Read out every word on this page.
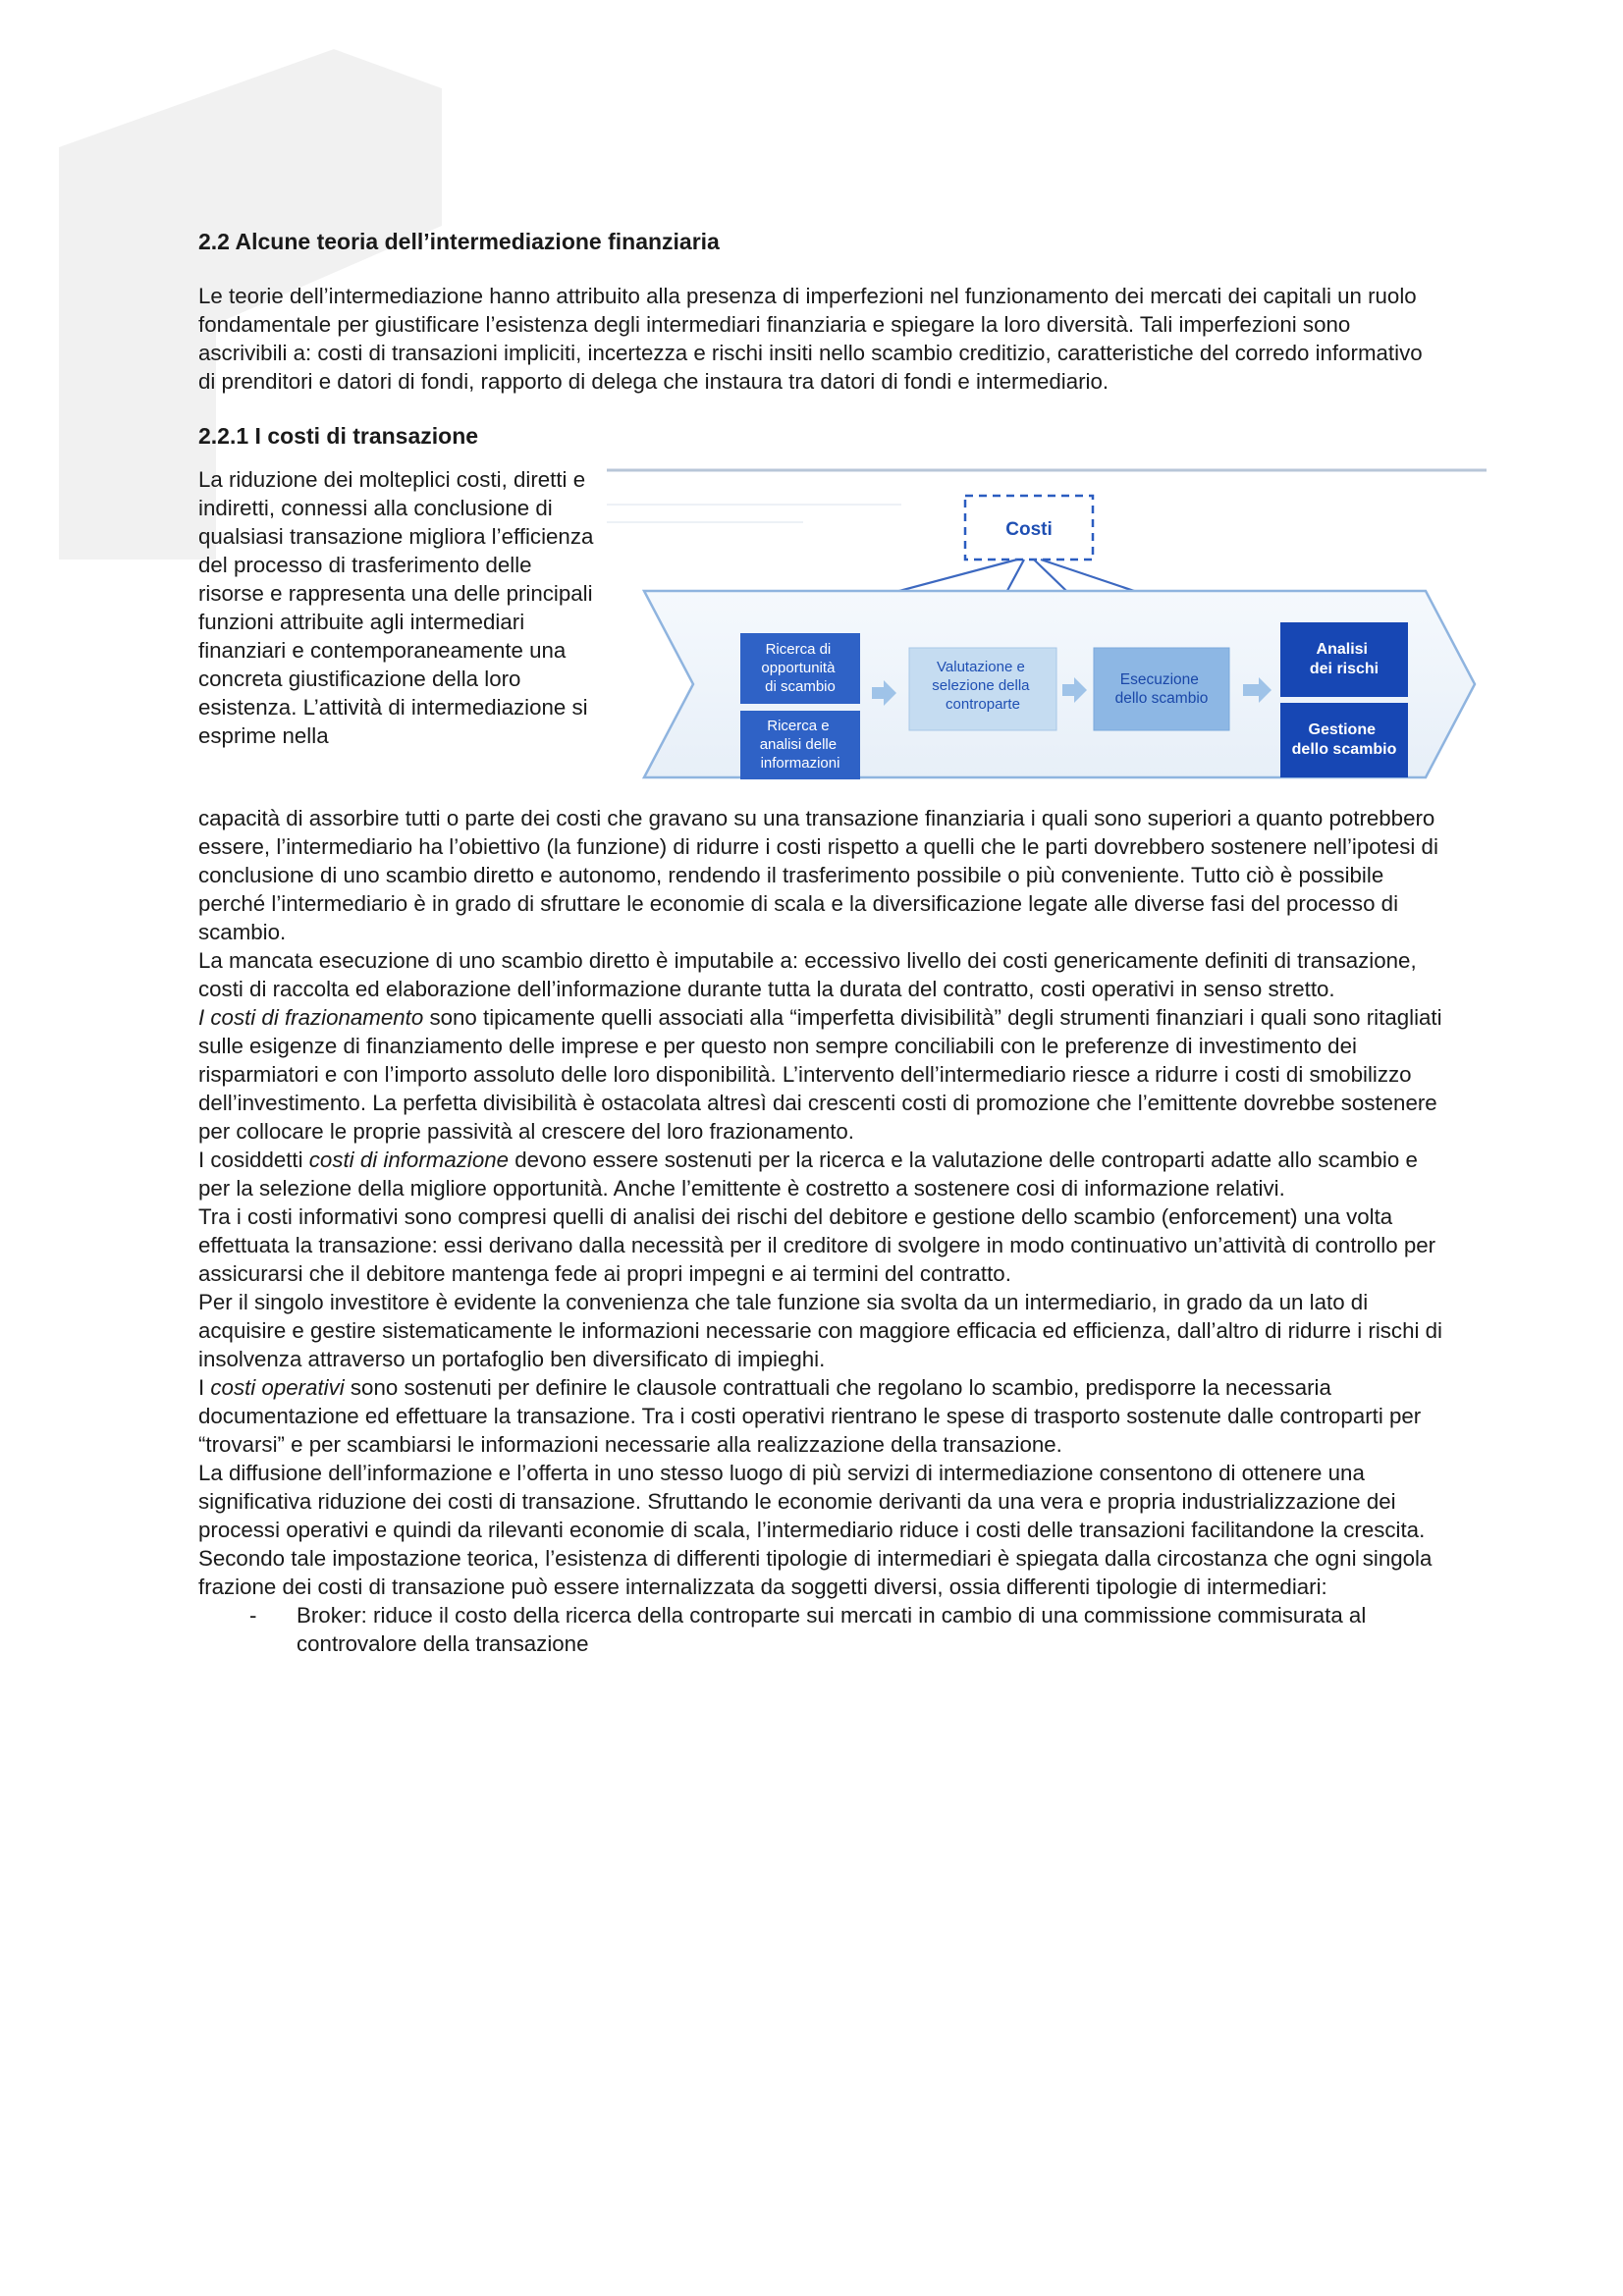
2.2 Alcune teoria dell’intermediazione finanziaria

Le teorie dell’intermediazione hanno attribuito alla presenza di imperfezioni nel funzionamento dei mercati dei capitali un ruolo fondamentale per giustificare l’esistenza degli intermediari finanziaria e spiegare la loro diversità. Tali imperfezioni sono ascrivibili a: costi di transazioni impliciti, incertezza e rischi insiti nello scambio creditizio, caratteristiche del corredo informativo di prenditori e datori di fondi, rapporto di delega che instaura tra datori di fondi e intermediario.

2.2.1 I costi di transazione
La riduzione dei molteplici costi, diretti e indiretti, connessi alla conclusione di qualsiasi transazione migliora l’efficienza del processo di trasferimento delle risorse e rappresenta una delle principali funzioni attribuite agli intermediari finanziari e contemporaneamente una concreta giustificazione della loro esistenza. L’attività di intermediazione si esprime nella
Costi
Ricerca di opportunità di scambio
Ricerca e analisi delle informazioni
Valutazione e selezione della controparte
Esecuzione dello scambio
Analisi dei rischi
Gestione dello scambio

capacità di assorbire tutti o parte dei costi che gravano su una transazione finanziaria i quali sono superiori a quanto potrebbero essere, l’intermediario ha l’obiettivo (la funzione) di ridurre i costi rispetto a quelli che le parti dovrebbero sostenere nell’ipotesi di conclusione di uno scambio diretto e autonomo, rendendo il trasferimento possibile o più conveniente. Tutto ciò è possibile perché l’intermediario è in grado di sfruttare le economie di scala e la diversificazione legate alle diverse fasi del processo di scambio.

La mancata esecuzione di uno scambio diretto è imputabile a: eccessivo livello dei costi genericamente definiti di transazione, costi di raccolta ed elaborazione dell’informazione durante tutta la durata del contratto, costi operativi in senso stretto.

I costi di frazionamento sono tipicamente quelli associati alla “imperfetta divisibilità” degli strumenti finanziari i quali sono ritagliati sulle esigenze di finanziamento delle imprese e per questo non sempre conciliabili con le preferenze di investimento dei risparmiatori e con l’importo assoluto delle loro disponibilità. L’intervento dell’intermediario riesce a ridurre i costi di smobilizzo dell’investimento. La perfetta divisibilità è ostacolata altresì dai crescenti costi di promozione che l’emittente dovrebbe sostenere per collocare le proprie passività al crescere del loro frazionamento.

I cosiddetti costi di informazione devono essere sostenuti per la ricerca e la valutazione delle controparti adatte allo scambio e per la selezione della migliore opportunità. Anche l’emittente è costretto a sostenere cosi di informazione relativi.

Tra i costi informativi sono compresi quelli di analisi dei rischi del debitore e gestione dello scambio (enforcement) una volta effettuata la transazione: essi derivano dalla necessità per il creditore di svolgere in modo continuativo un’attività di controllo per assicurarsi che il debitore mantenga fede ai propri impegni e ai termini del contratto.

Per il singolo investitore è evidente la convenienza che tale funzione sia svolta da un intermediario, in grado da un lato di acquisire e gestire sistematicamente le informazioni necessarie con maggiore efficacia ed efficienza, dall’altro di ridurre i rischi di insolvenza attraverso un portafoglio ben diversificato di impieghi.

I costi operativi sono sostenuti per definire le clausole contrattuali che regolano lo scambio, predisporre la necessaria documentazione ed effettuare la transazione. Tra i costi operativi rientrano le spese di trasporto sostenute dalle controparti per “trovarsi” e per scambiarsi le informazioni necessarie alla realizzazione della transazione.

La diffusione dell’informazione e l’offerta in uno stesso luogo di più servizi di intermediazione consentono di ottenere una significativa riduzione dei costi di transazione. Sfruttando le economie derivanti da una vera e propria industrializzazione dei processi operativi e quindi da rilevanti economie di scala, l’intermediario riduce i costi delle transazioni facilitandone la crescita.

Secondo tale impostazione teorica, l’esistenza di differenti tipologie di intermediari è spiegata dalla circostanza che ogni singola frazione dei costi di transazione può essere internalizzata da soggetti diversi, ossia differenti tipologie di intermediari:

- Broker: riduce il costo della ricerca della controparte sui mercati in cambio di una commissione commisurata al controvalore della transazione
